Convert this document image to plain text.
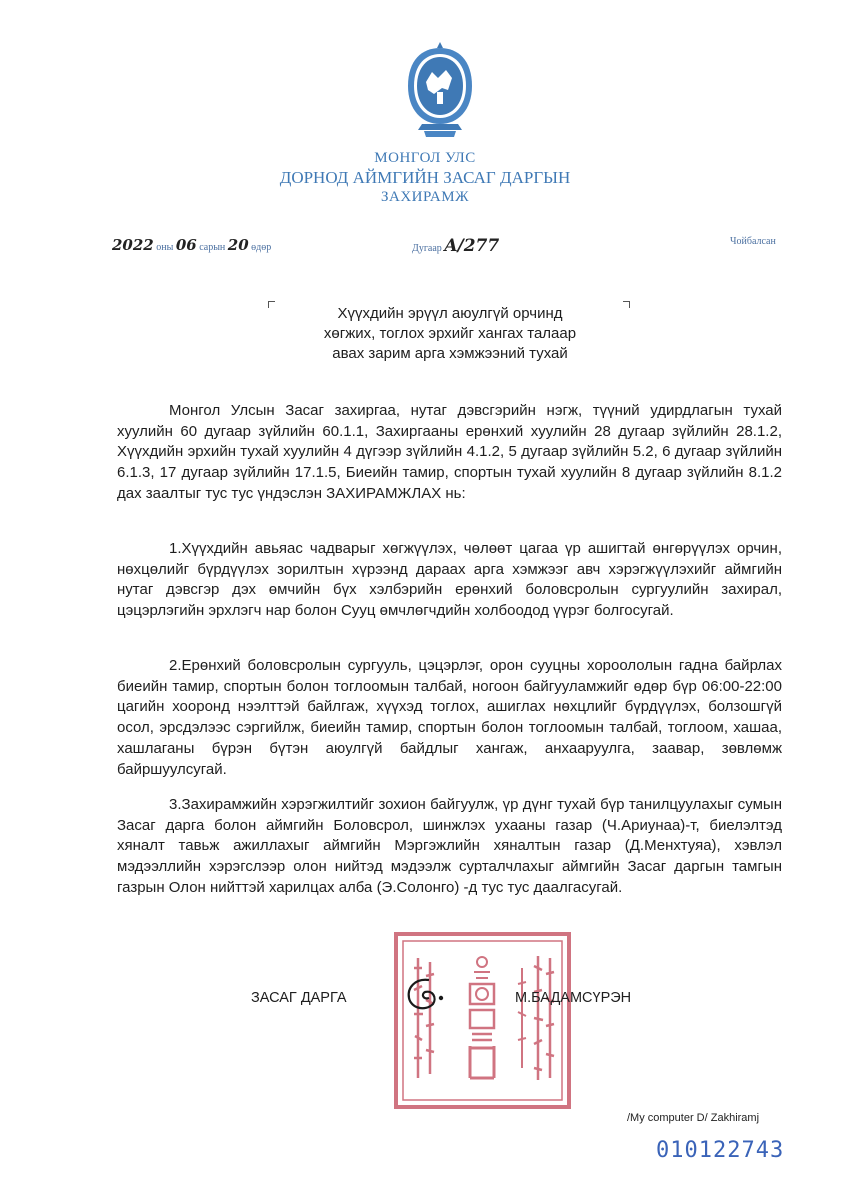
МОНГОЛ УЛС
ДОРНОД АЙМГИЙН ЗАСАГ ДАРГЫН
ЗАХИРАМЖ
2022 оны 06 сарын 20 өдөр	Дугаар A/277	Чойбалсан
Хүүхдийн эрүүл аюулгүй орчинд
хөгжих, тоглох эрхийг хангах талаар
авах зарим арга хэмжээний тухай
Монгол Улсын Засаг захиргаа, нутаг дэвсгэрийн нэгж, түүний удирдлагын тухай хуулийн 60 дугаар зүйлийн 60.1.1, Захиргааны ерөнхий хуулийн 28 дугаар зүйлийн 28.1.2, Хүүхдийн эрхийн тухай хуулийн 4 дүгээр зүйлийн 4.1.2, 5 дугаар зүйлийн 5.2, 6 дугаар зүйлийн 6.1.3, 17 дугаар зүйлийн 17.1.5, Биеийн тамир, спортын тухай хуулийн 8 дугаар зүйлийн 8.1.2 дах заалтыг тус тус үндэслэн ЗАХИРАМЖЛАХ нь:
1.Хүүхдийн авьяас чадварыг хөгжүүлэх, чөлөөт цагаа үр ашигтай өнгөрүүлэх орчин, нөхцөлийг бүрдүүлэх зорилтын хүрээнд дараах арга хэмжээг авч хэрэгжүүлэхийг аймгийн нутаг дэвсгэр дэх өмчийн бүх хэлбэрийн ерөнхий боловсролын сургуулийн захирал, цэцэрлэгийн эрхлэгч нар болон Сууц өмчлөгчдийн холбоодод үүрэг болгосугай.
2.Ерөнхий боловсролын сургууль, цэцэрлэг, орон сууцны хороололын гадна байрлах биеийн тамир, спортын болон тоглоомын талбай, ногоон байгууламжийг өдөр бүр 06:00-22:00 цагийн хооронд нээлттэй байлгаж, хүүхэд тоглох, ашиглах нөхцлийг бүрдүүлэх, болзошгүй осол, эрсдэлээс сэргийлж, биеийн тамир, спортын болон тоглоомын талбай, тоглоом, хашаа, хашлаганы бүрэн бүтэн аюулгүй байдлыг хангаж, анхааруулга, заавар, зөвлөмж байршуулсугай.
3.Захирамжийн хэрэгжилтийг зохион байгуулж, үр дүнг тухай бүр танилцуулахыг сумын Засаг дарга болон аймгийн Боловсрол, шинжлэх ухааны газар (Ч.Ариунаа)-т, биелэлтэд хяналт тавьж ажиллахыг аймгийн Мэргэжлийн хяналтын газар (Д.Менхтуяа), хэвлэл мэдээллийн хэрэгслээр олон нийтэд мэдээлж сурталчлахыг аймгийн Засаг даргын тамгын газрын Олон нийттэй харилцах алба (Э.Солонго) -д тус тус даалгасугай.
ЗАСАГ ДАРГА	М.БАДАМСҮРЭН
/My computer D/ Zakhiramj
010122743
